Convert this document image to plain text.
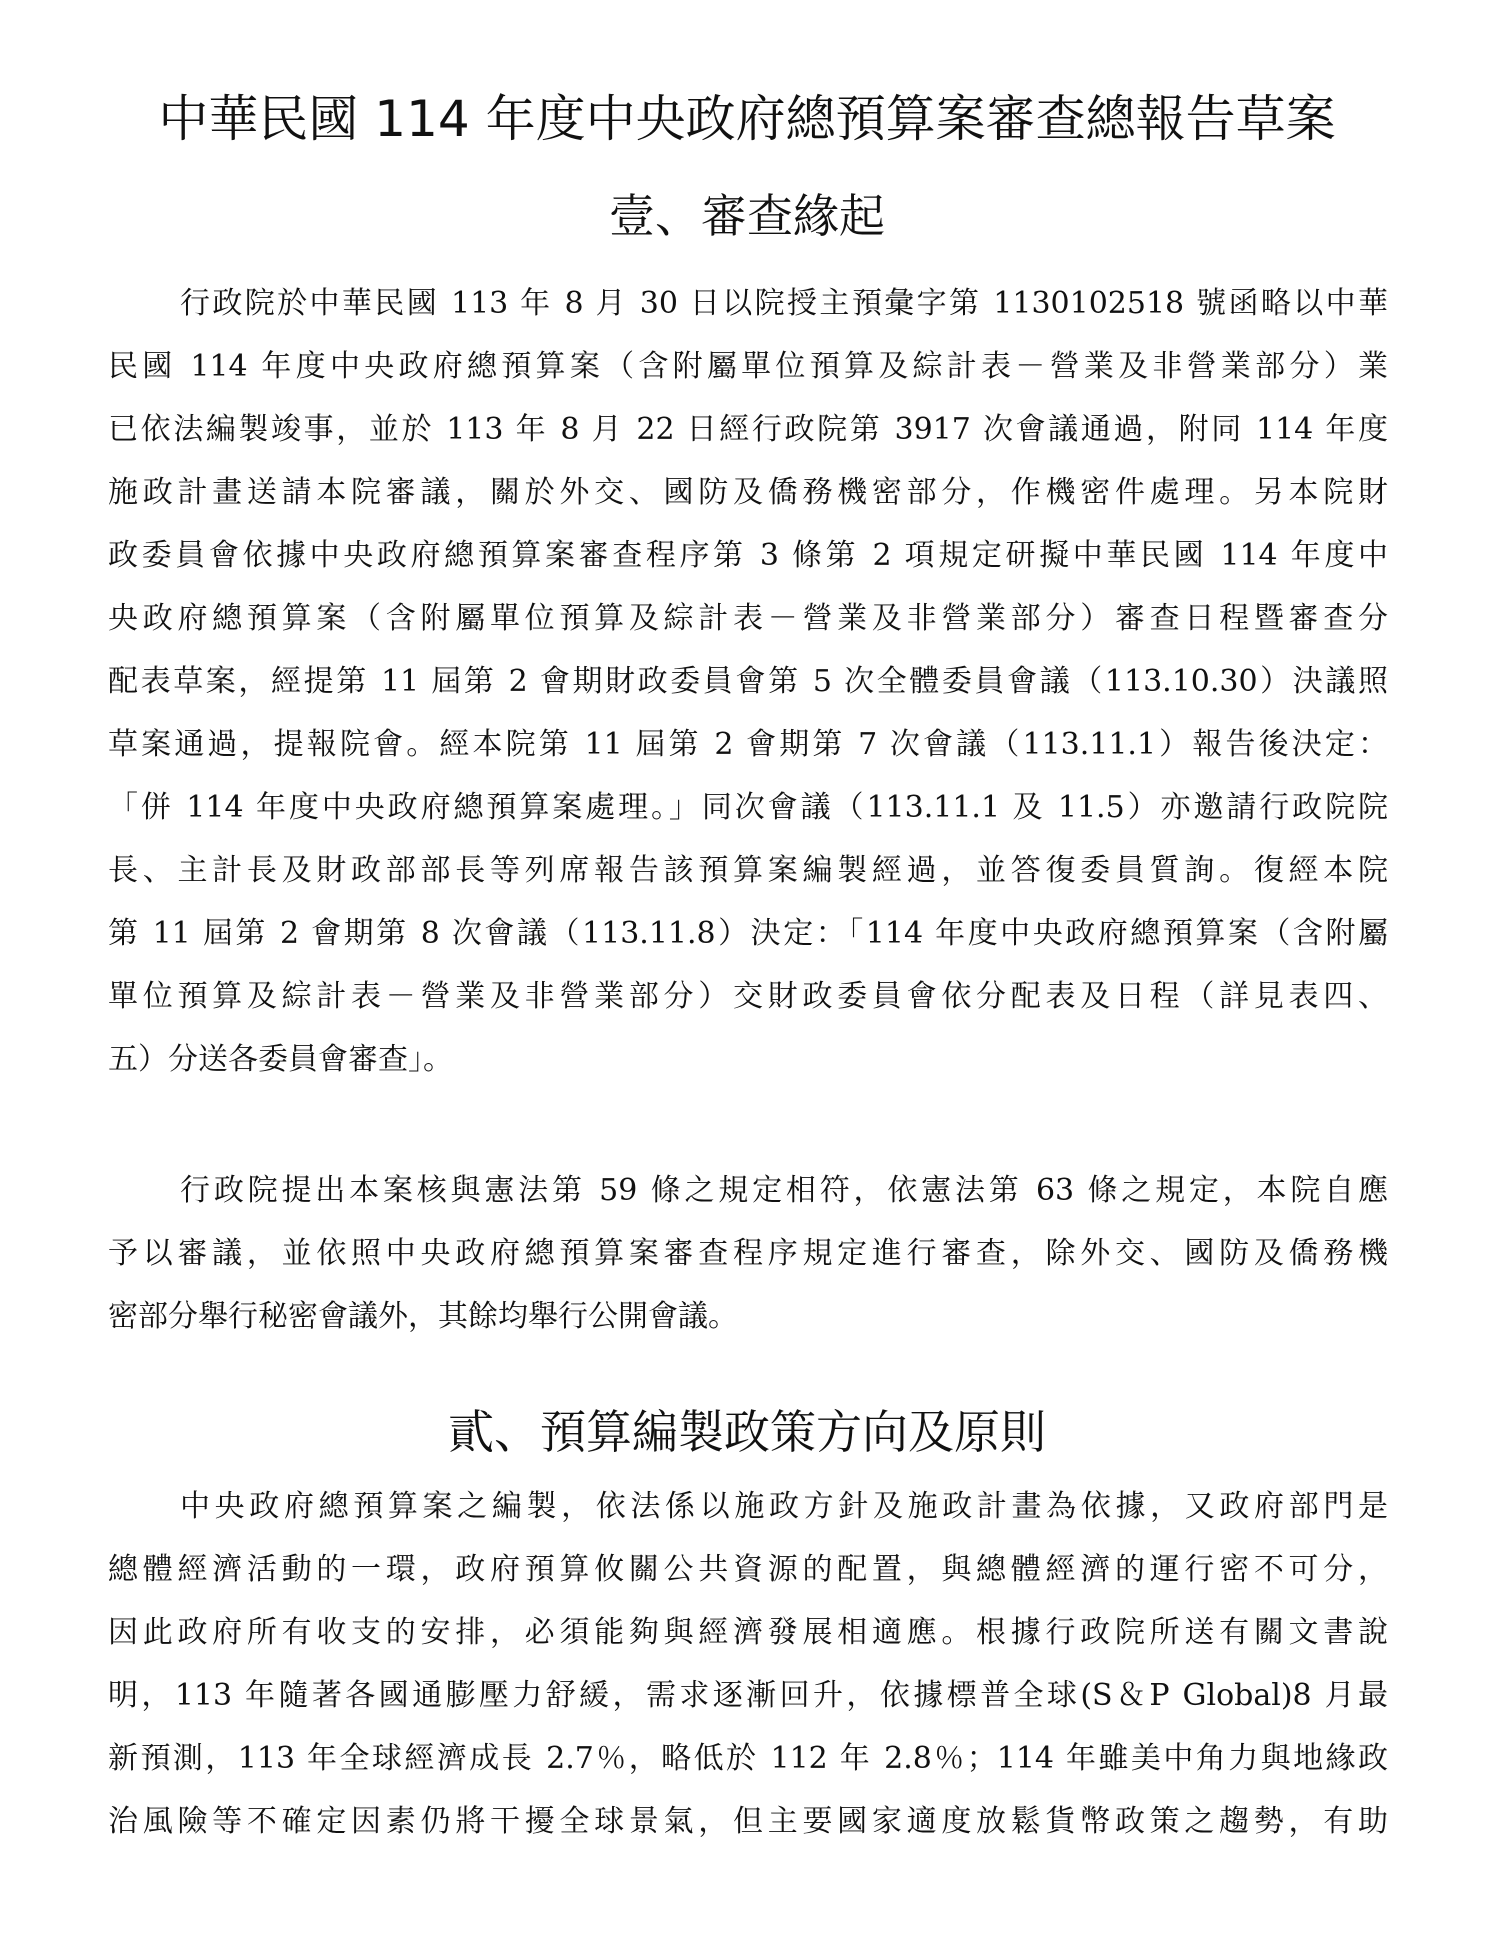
中華民國 114 年度中央政府總預算案審查總報告草案
壹、審查緣起
行政院於中華民國 113 年 8 月 30 日以院授主預彙字第 1130102518 號函略以中華
民國 114 年度中央政府總預算案（含附屬單位預算及綜計表－營業及非營業部分）業
已依法編製竣事，並於 113 年 8 月 22 日經行政院第 3917 次會議通過，附同 114 年度
施政計畫送請本院審議，關於外交、國防及僑務機密部分，作機密件處理。另本院財
政委員會依據中央政府總預算案審查程序第 3 條第 2 項規定研擬中華民國 114 年度中
央政府總預算案（含附屬單位預算及綜計表－營業及非營業部分）審查日程暨審查分
配表草案，經提第 11 屆第 2 會期財政委員會第 5 次全體委員會議（113.10.30）決議照
草案通過，提報院會。經本院第 11 屆第 2 會期第 7 次會議（113.11.1）報告後決定：
「併 114 年度中央政府總預算案處理。」同次會議（113.11.1 及 11.5）亦邀請行政院院
長、主計長及財政部部長等列席報告該預算案編製經過，並答復委員質詢。復經本院
第 11 屆第 2 會期第 8 次會議（113.11.8）決定：「114 年度中央政府總預算案（含附屬
單位預算及綜計表－營業及非營業部分）交財政委員會依分配表及日程（詳見表四、
五）分送各委員會審查」。
行政院提出本案核與憲法第 59 條之規定相符，依憲法第 63 條之規定，本院自應
予以審議，並依照中央政府總預算案審查程序規定進行審查，除外交、國防及僑務機
密部分舉行秘密會議外，其餘均舉行公開會議。
貳、預算編製政策方向及原則
中央政府總預算案之編製，依法係以施政方針及施政計畫為依據，又政府部門是
總體經濟活動的一環，政府預算攸關公共資源的配置，與總體經濟的運行密不可分，
因此政府所有收支的安排，必須能夠與經濟發展相適應。根據行政院所送有關文書說
明，113 年隨著各國通膨壓力舒緩，需求逐漸回升，依據標普全球(S＆P Global)8 月最
新預測，113 年全球經濟成長 2.7％，略低於 112 年 2.8％；114 年雖美中角力與地緣政
治風險等不確定因素仍將干擾全球景氣，但主要國家適度放鬆貨幣政策之趨勢，有助
